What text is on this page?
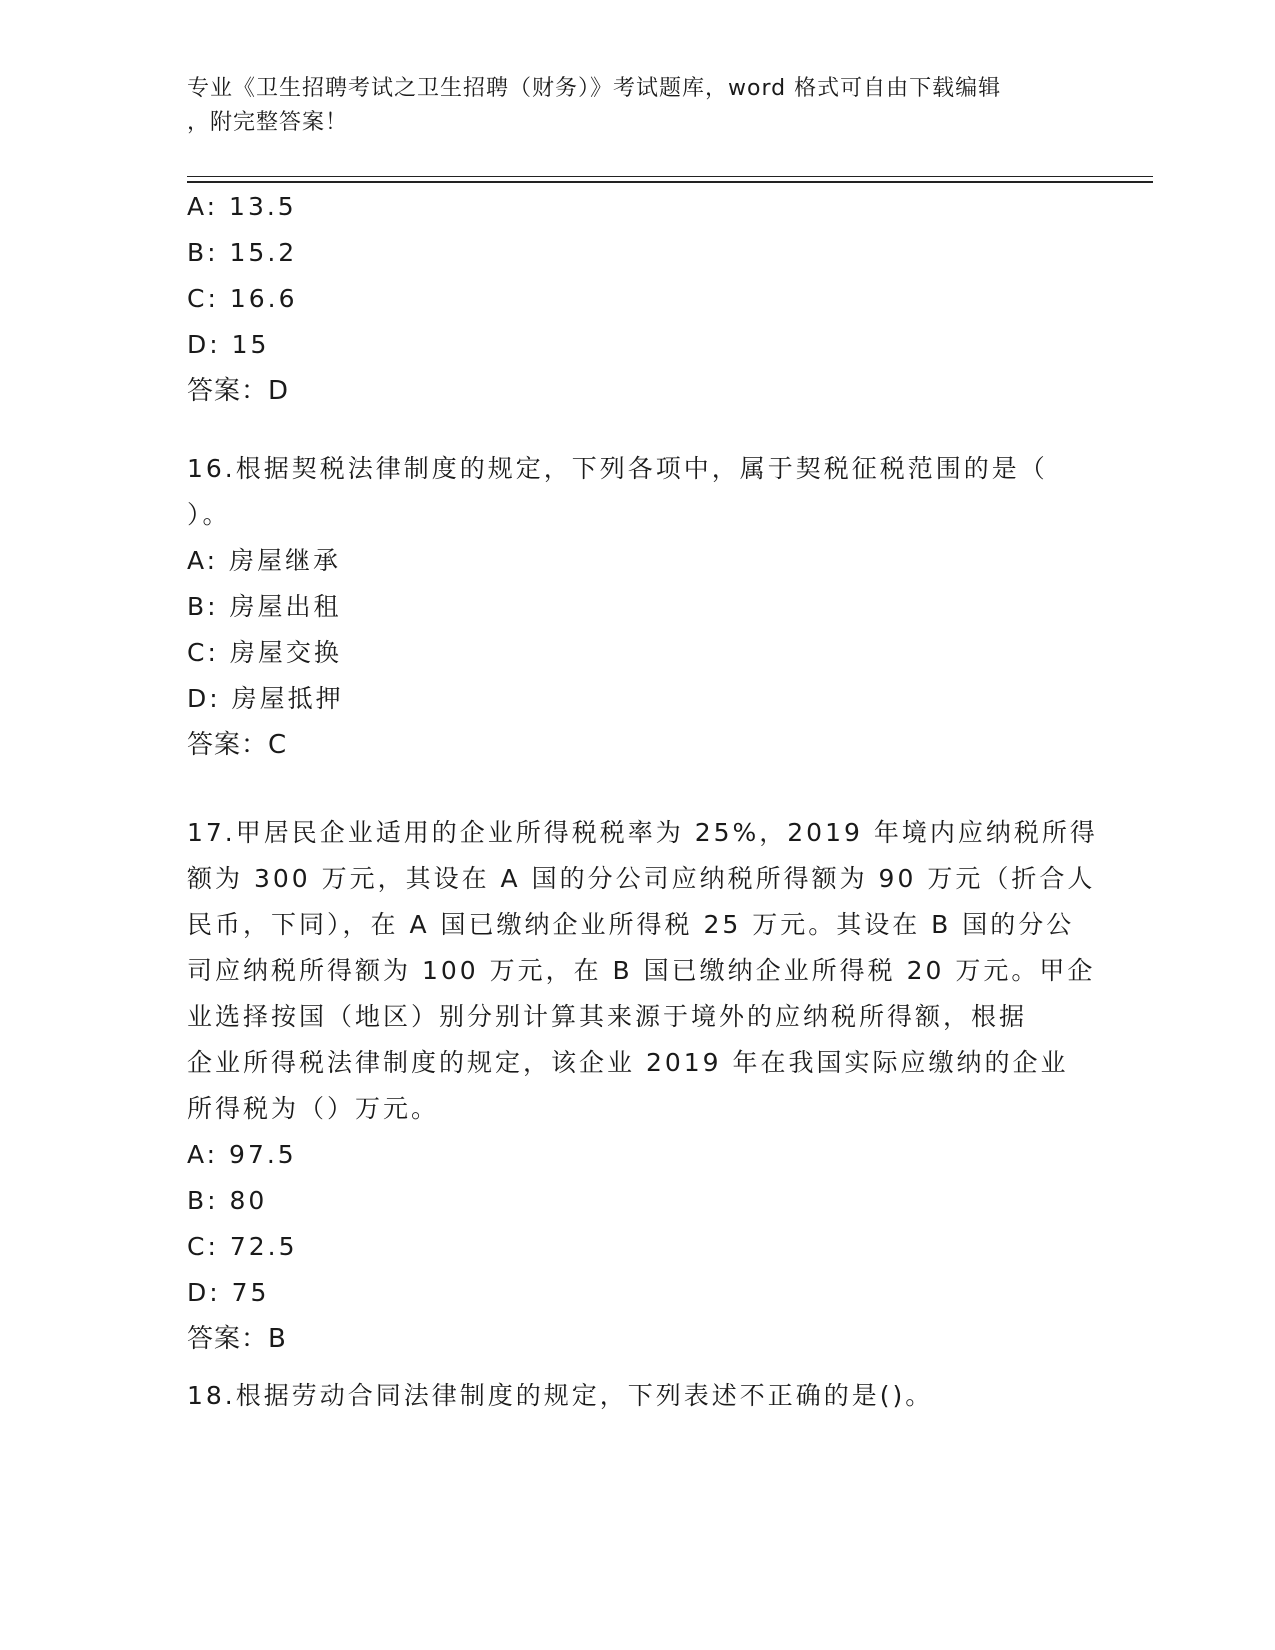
专业《卫生招聘考试之卫生招聘（财务）》考试题库，word 格式可自由下载编辑
，附完整答案！
A: 13.5
B: 15.2
C: 16.6
D: 15
答案：D
16.根据契税法律制度的规定，下列各项中，属于契税征税范围的是（
）。
A: 房屋继承
B: 房屋出租
C: 房屋交换
D: 房屋抵押
答案：C
17.甲居民企业适用的企业所得税税率为 25%，2019 年境内应纳税所得
额为 300 万元，其设在 A 国的分公司应纳税所得额为 90 万元（折合人
民币，下同），在 A 国已缴纳企业所得税 25 万元。其设在 B 国的分公
司应纳税所得额为 100 万元，在 B 国已缴纳企业所得税 20 万元。甲企
业选择按国（地区）别分别计算其来源于境外的应纳税所得额，根据
企业所得税法律制度的规定，该企业 2019 年在我国实际应缴纳的企业
所得税为（）万元。
A: 97.5
B: 80
C: 72.5
D: 75
答案：B
18.根据劳动合同法律制度的规定，下列表述不正确的是()。
